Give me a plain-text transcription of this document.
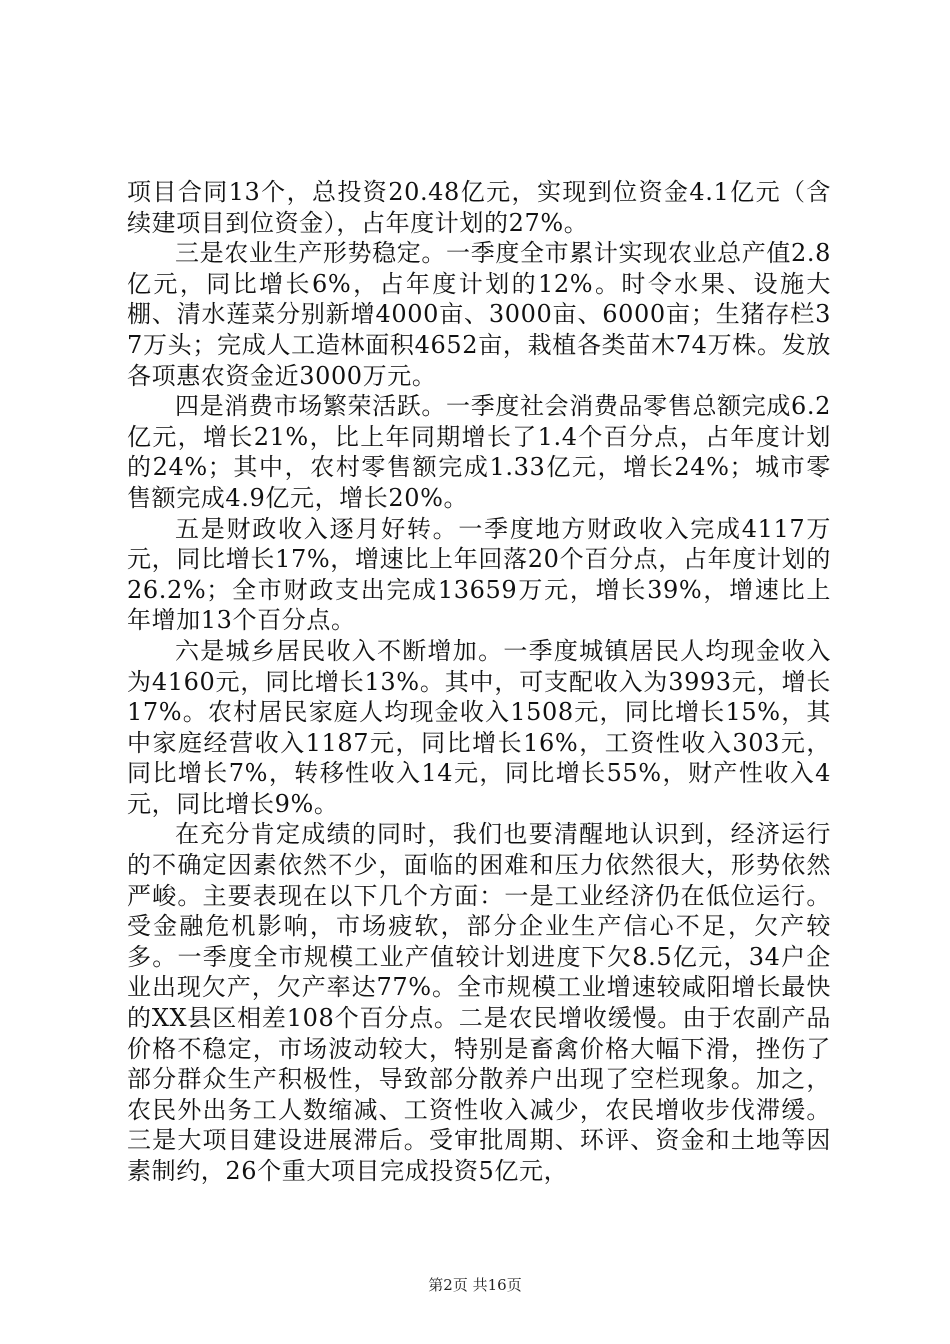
项目合同13个，总投资20.48亿元，实现到位资金4.1亿元（含续建项目到位资金），占年度计划的27%。

三是农业生产形势稳定。一季度全市累计实现农业总产值2.8亿元，同比增长6%，占年度计划的12%。时令水果、设施大棚、清水莲菜分别新增4000亩、3000亩、6000亩；生猪存栏37万头；完成人工造林面积4652亩，栽植各类苗木74万株。发放各项惠农资金近3000万元。

四是消费市场繁荣活跃。一季度社会消费品零售总额完成6.2亿元，增长21%，比上年同期增长了1.4个百分点，占年度计划的24%；其中，农村零售额完成1.33亿元，增长24%；城市零售额完成4.9亿元，增长20%。

五是财政收入逐月好转。一季度地方财政收入完成4117万元，同比增长17%，增速比上年回落20个百分点，占年度计划的26.2%；全市财政支出完成13659万元，增长39%，增速比上年增加13个百分点。

六是城乡居民收入不断增加。一季度城镇居民人均现金收入为4160元，同比增长13%。其中，可支配收入为3993元，增长17%。农村居民家庭人均现金收入1508元，同比增长15%，其中家庭经营收入1187元，同比增长16%，工资性收入303元，同比增长7%，转移性收入14元，同比增长55%，财产性收入4元，同比增长9%。

在充分肯定成绩的同时，我们也要清醒地认识到，经济运行的不确定因素依然不少，面临的困难和压力依然很大，形势依然严峻。主要表现在以下几个方面：一是工业经济仍在低位运行。受金融危机影响，市场疲软，部分企业生产信心不足，欠产较多。一季度全市规模工业产值较计划进度下欠8.5亿元，34户企业出现欠产，欠产率达77%。全市规模工业增速较咸阳增长最快的XX县区相差108个百分点。二是农民增收缓慢。由于农副产品价格不稳定，市场波动较大，特别是畜禽价格大幅下滑，挫伤了部分群众生产积极性，导致部分散养户出现了空栏现象。加之，农民外出务工人数缩减、工资性收入减少，农民增收步伐滞缓。三是大项目建设进展滞后。受审批周期、环评、资金和土地等因素制约，26个重大项目完成投资5亿元，

第2页 共16页
